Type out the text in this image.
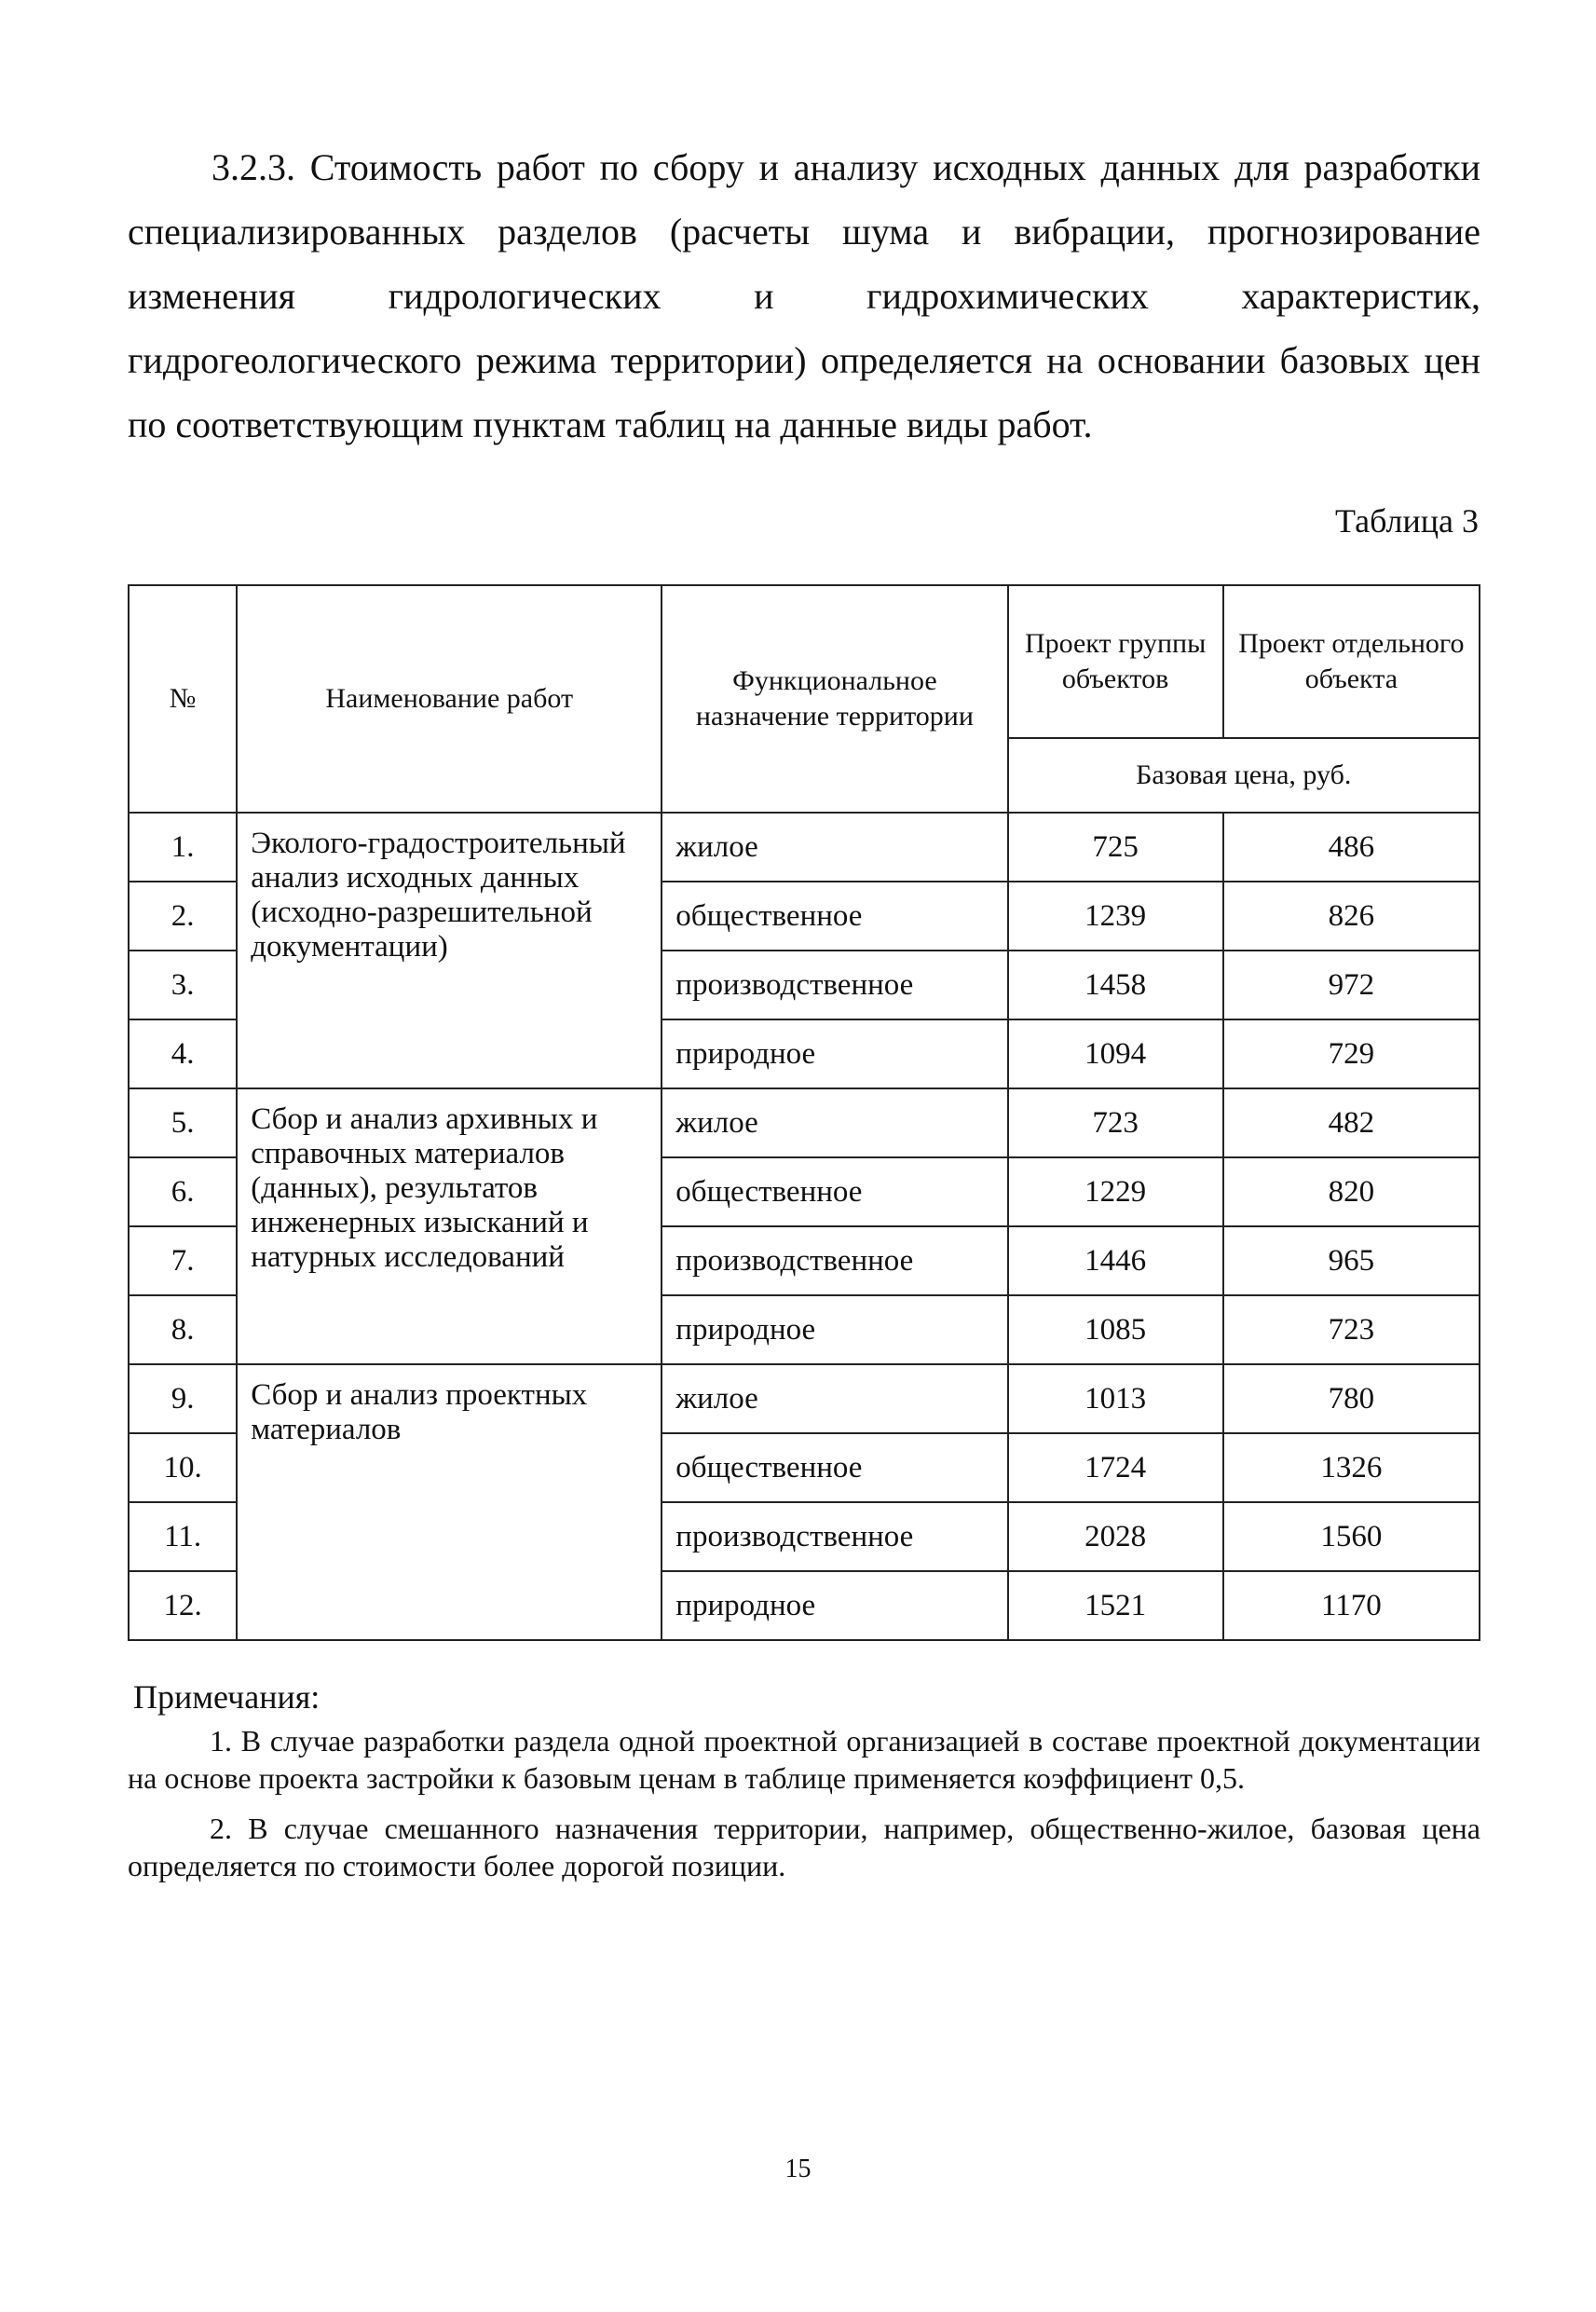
3.2.3. Стоимость работ по сбору и анализу исходных данных для разработки специализированных разделов (расчеты шума и вибрации, прогнозирование изменения гидрологических и гидрохимических характеристик, гидрогеологического режима территории) определяется на основании базовых цен по соответствующим пунктам таблиц на данные виды работ.

Таблица 3

№	Наименование работ	Функциональное назначение территории	Проект группы объектов	Проект отдельного объекта
			Базовая цена, руб.	
1.	Эколого-градостроительный анализ исходных данных (исходно-разрешительной документации)	жилое	725	486
2.		общественное	1239	826
3.		производственное	1458	972
4.		природное	1094	729
5.	Сбор и анализ архивных и справочных материалов (данных), результатов инженерных изысканий и натурных исследований	жилое	723	482
6.		общественное	1229	820
7.		производственное	1446	965
8.		природное	1085	723
9.	Сбор и анализ проектных материалов	жилое	1013	780
10.		общественное	1724	1326
11.		производственное	2028	1560
12.		природное	1521	1170

Примечания:

1. В случае разработки раздела одной проектной организацией в составе проектной документации на основе проекта застройки к базовым ценам в таблице применяется коэффициент 0,5.
2. В случае смешанного назначения территории, например, общественно-жилое, базовая цена определяется по стоимости более дорогой позиции.

15
